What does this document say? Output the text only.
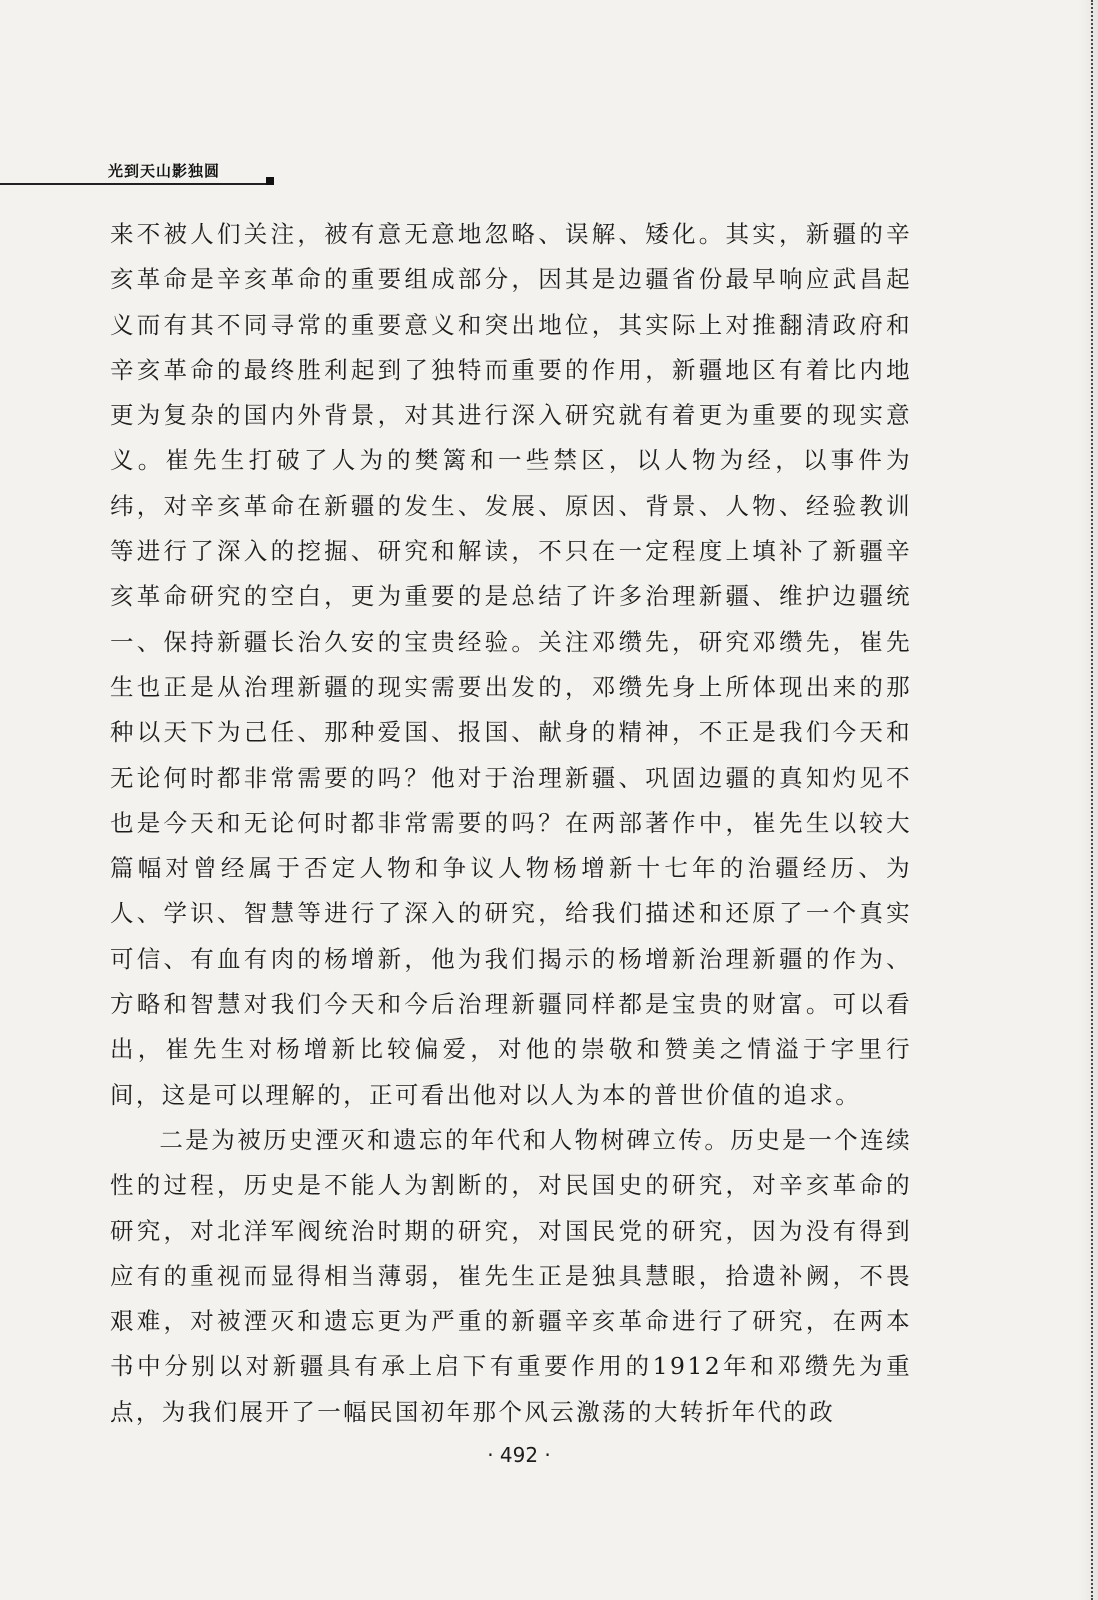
光到天山影独圆

来不被人们关注，被有意无意地忽略、误解、矮化。其实，新疆的辛亥革命是辛亥革命的重要组成部分，因其是边疆省份最早响应武昌起义而有其不同寻常的重要意义和突出地位，其实际上对推翻清政府和辛亥革命的最终胜利起到了独特而重要的作用，新疆地区有着比内地更为复杂的国内外背景，对其进行深入研究就有着更为重要的现实意义。崔先生打破了人为的樊篱和一些禁区，以人物为经，以事件为纬，对辛亥革命在新疆的发生、发展、原因、背景、人物、经验教训等进行了深入的挖掘、研究和解读，不只在一定程度上填补了新疆辛亥革命研究的空白，更为重要的是总结了许多治理新疆、维护边疆统一、保持新疆长治久安的宝贵经验。关注邓缵先，研究邓缵先，崔先生也正是从治理新疆的现实需要出发的，邓缵先身上所体现出来的那种以天下为己任、那种爱国、报国、献身的精神，不正是我们今天和无论何时都非常需要的吗？他对于治理新疆、巩固边疆的真知灼见不也是今天和无论何时都非常需要的吗？在两部著作中，崔先生以较大篇幅对曾经属于否定人物和争议人物杨增新十七年的治疆经历、为人、学识、智慧等进行了深入的研究，给我们描述和还原了一个真实可信、有血有肉的杨增新，他为我们揭示的杨增新治理新疆的作为、方略和智慧对我们今天和今后治理新疆同样都是宝贵的财富。可以看出，崔先生对杨增新比较偏爱，对他的崇敬和赞美之情溢于字里行间，这是可以理解的，正可看出他对以人为本的普世价值的追求。

二是为被历史湮灭和遗忘的年代和人物树碑立传。历史是一个连续性的过程，历史是不能人为割断的，对民国史的研究，对辛亥革命的研究，对北洋军阀统治时期的研究，对国民党的研究，因为没有得到应有的重视而显得相当薄弱，崔先生正是独具慧眼，拾遗补阙，不畏艰难，对被湮灭和遗忘更为严重的新疆辛亥革命进行了研究，在两本书中分别以对新疆具有承上启下有重要作用的1912年和邓缵先为重点，为我们展开了一幅民国初年那个风云激荡的大转折年代的政

· 492 ·
